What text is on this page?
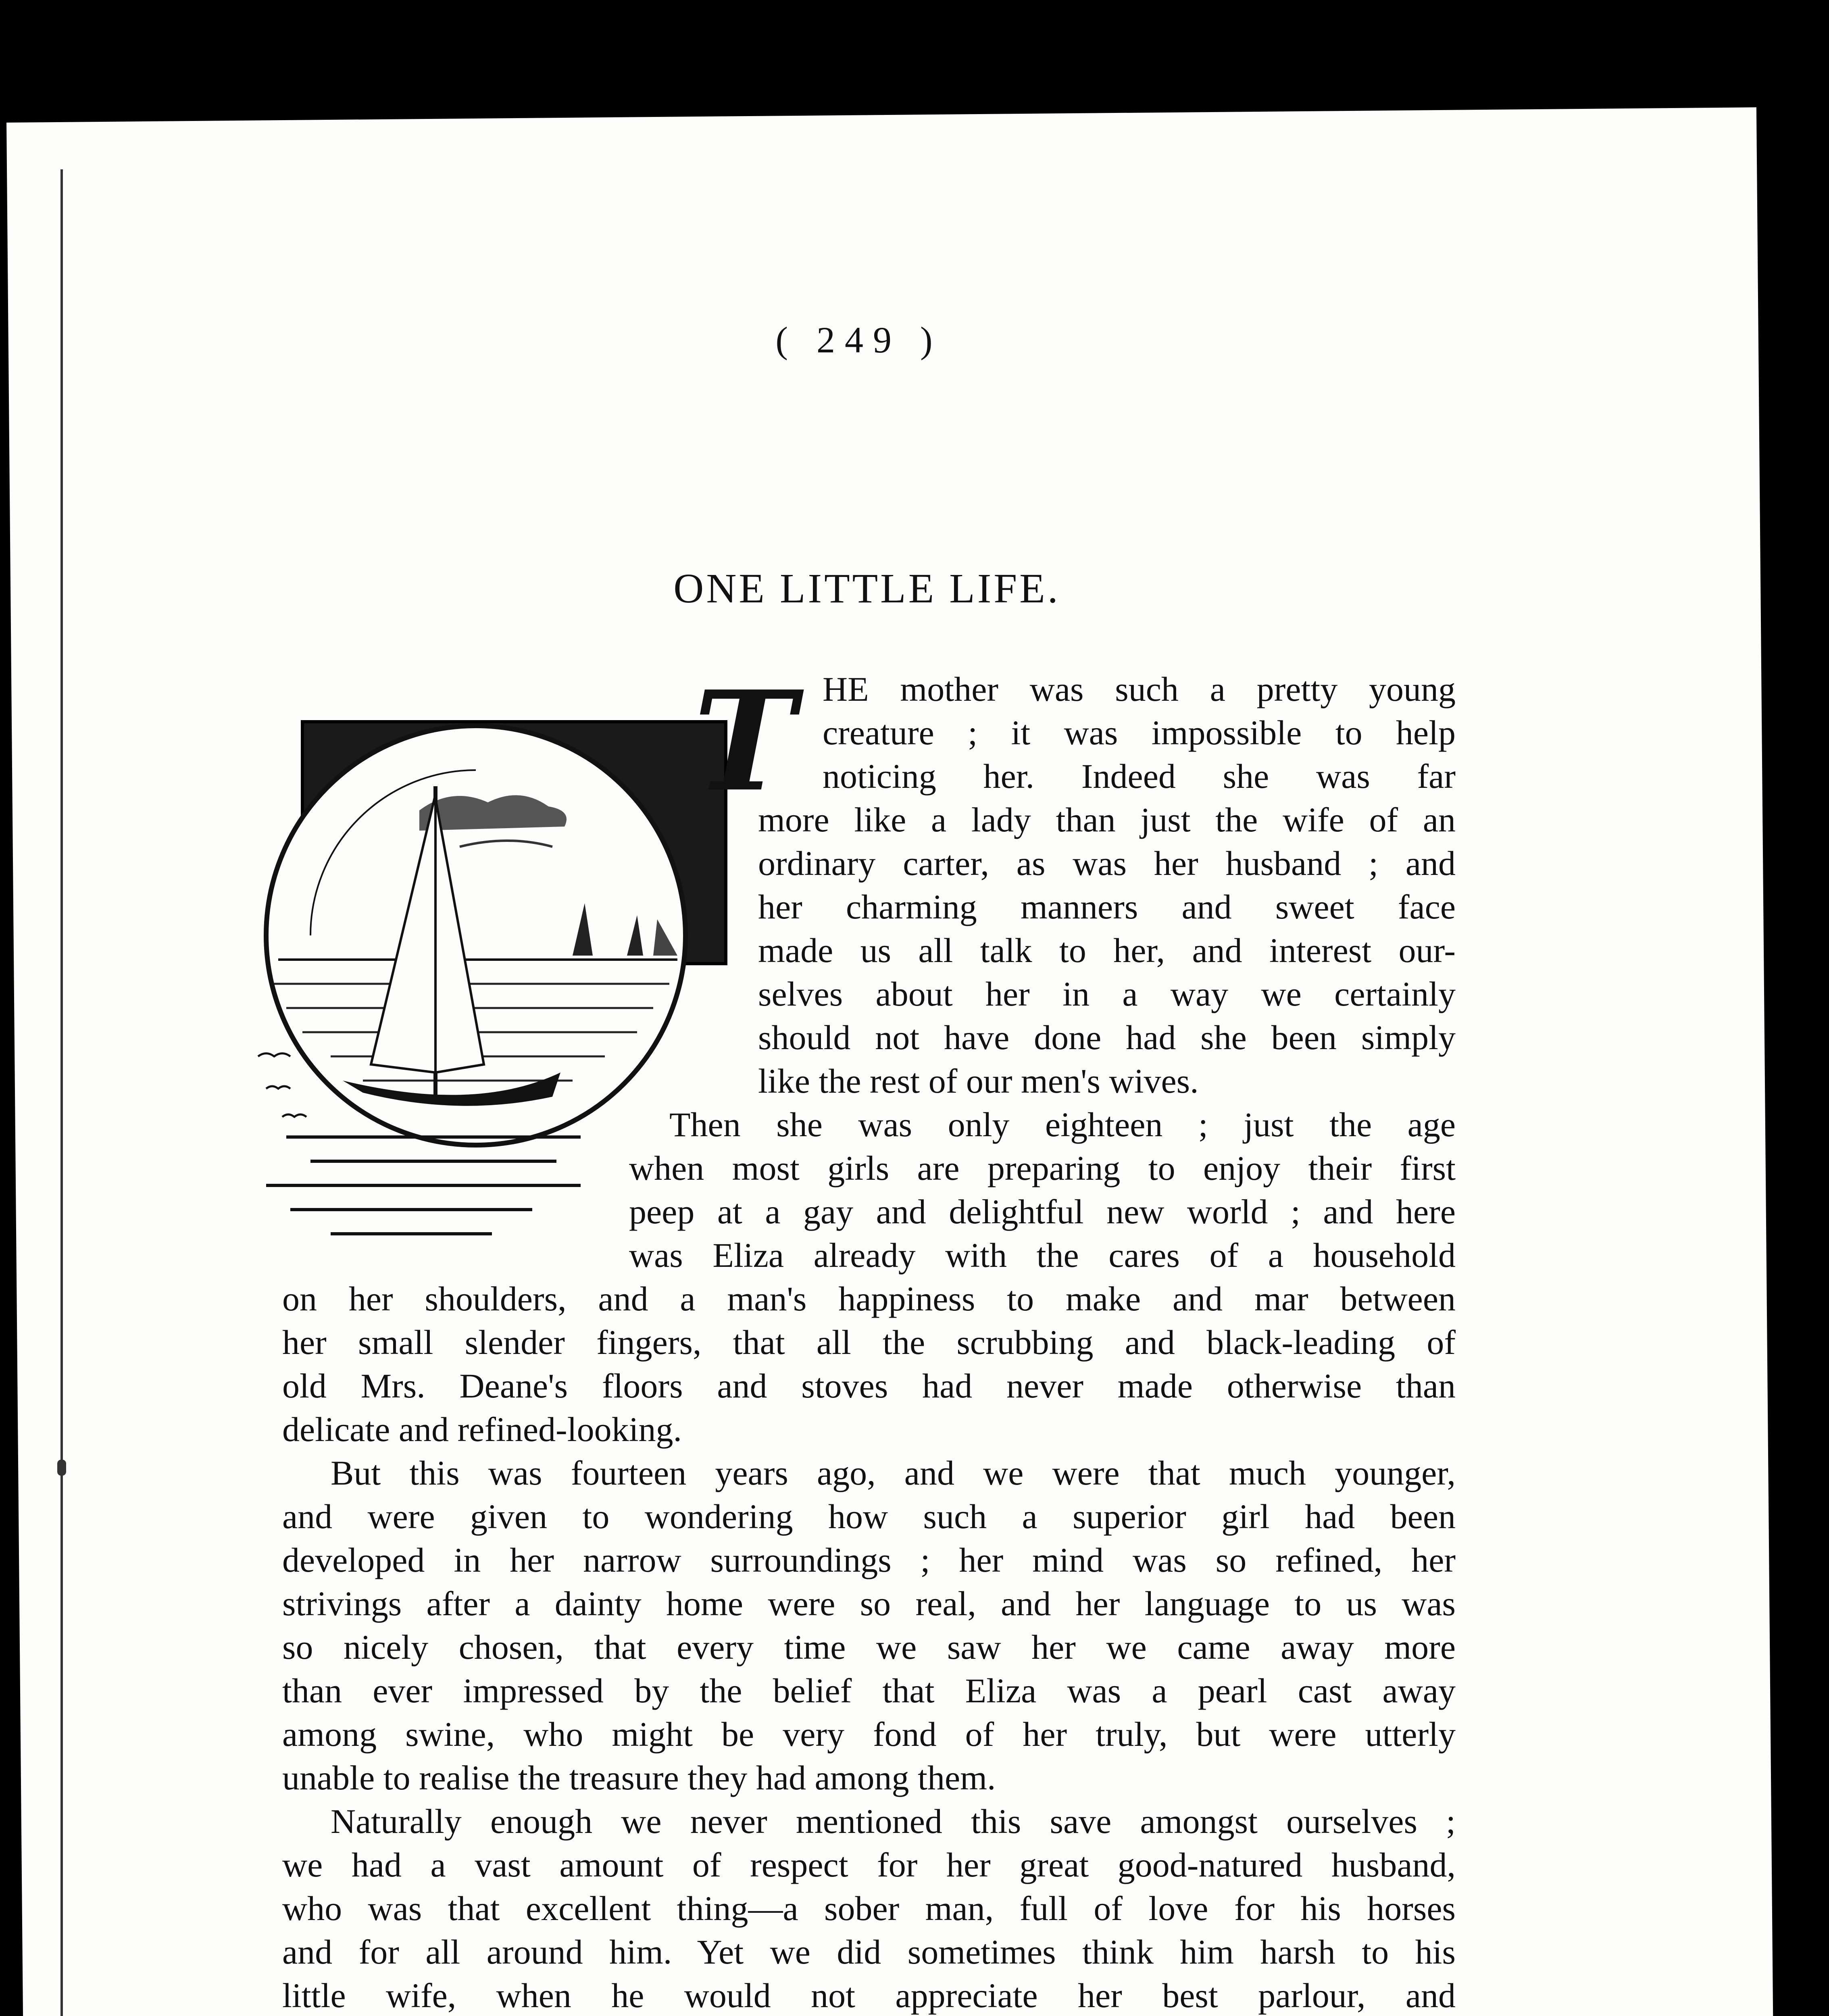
( 249 )
ONE LITTLE LIFE.
T HE mother was such a pretty young
creature ; it was impossible to help
noticing her. Indeed she was far
more like a lady than just the wife of an
ordinary carter, as was her husband ; and
her charming manners and sweet face
made us all talk to her, and interest our-
selves about her in a way we certainly
should not have done had she been simply
like the rest of our men's wives.
Then she was only eighteen ; just the age
when most girls are preparing to enjoy their first
peep at a gay and delightful new world ; and here
was Eliza already with the cares of a household
on her shoulders, and a man's happiness to make and mar between
her small slender fingers, that all the scrubbing and black-leading of
old Mrs. Deane's floors and stoves had never made otherwise than
delicate and refined-looking.
But this was fourteen years ago, and we were that much younger,
and were given to wondering how such a superior girl had been
developed in her narrow surroundings ; her mind was so refined, her
strivings after a dainty home were so real, and her language to us was
so nicely chosen, that every time we saw her we came away more
than ever impressed by the belief that Eliza was a pearl cast away
among swine, who might be very fond of her truly, but were utterly
unable to realise the treasure they had among them.
Naturally enough we never mentioned this save amongst ourselves ;
we had a vast amount of respect for her great good-natured husband,
who was that excellent thing—a sober man, full of love for his horses
and for all around him. Yet we did sometimes think him harsh to his
little wife, when he would not appreciate her best parlour, and
